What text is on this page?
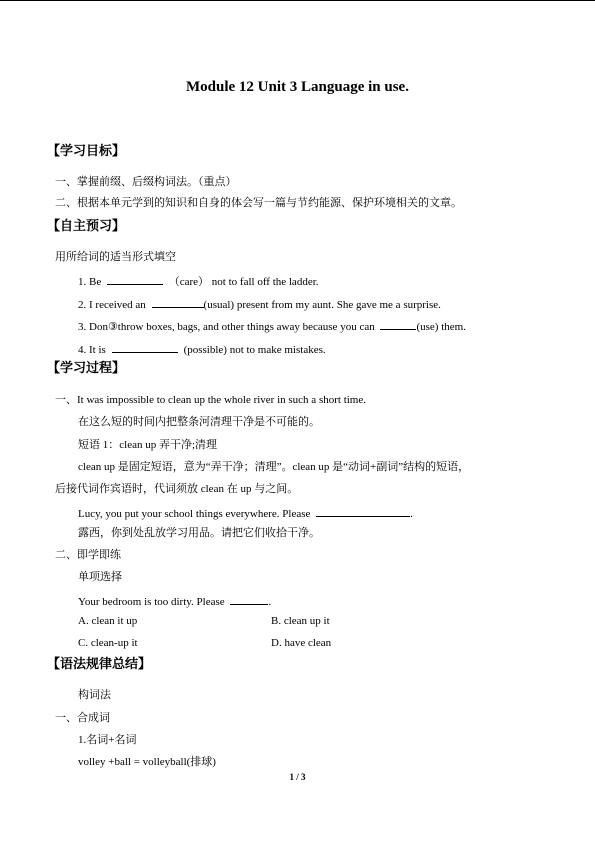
Module 12 Unit 3 Language in use.
【学习目标】
一、掌握前缀、后缀构词法。（重点）
二、根据本单元学到的知识和自身的体会写一篇与节约能源、保护环境相关的文章。
【自主预习】
用所给词的适当形式填空
1. Be	（care） not to fall off the ladder.
2. I received an	(usual) present from my aunt. She gave me a surprise.
3. Don③throw boxes, bags, and other things away because you can	(use) them.
4. It is	(possible) not to make mistakes.
【学习过程】
一、It was impossible to clean up the whole river in such a short time.
在这么短的时间内把整条河清理干净是不可能的。
短语 1：clean up 弄干净;清理
clean up 是固定短语，意为“弄干净；清理”。clean up 是“动词+副词”结构的短语，
后接代词作宾语时，代词须放 clean 在 up 与之间。
Lucy, you put your school things everywhere. Please	.
露西，你到处乱放学习用品。请把它们收拾干净。
二、即学即练
单项选择
Your bedroom is too dirty. Please	.
A. clean it up	B. clean up it
C. clean-up it	D. have clean
【语法规律总结】
构词法
一、合成词
1.名词+名词
volley +ball = volleyball(排球)
1 / 3
